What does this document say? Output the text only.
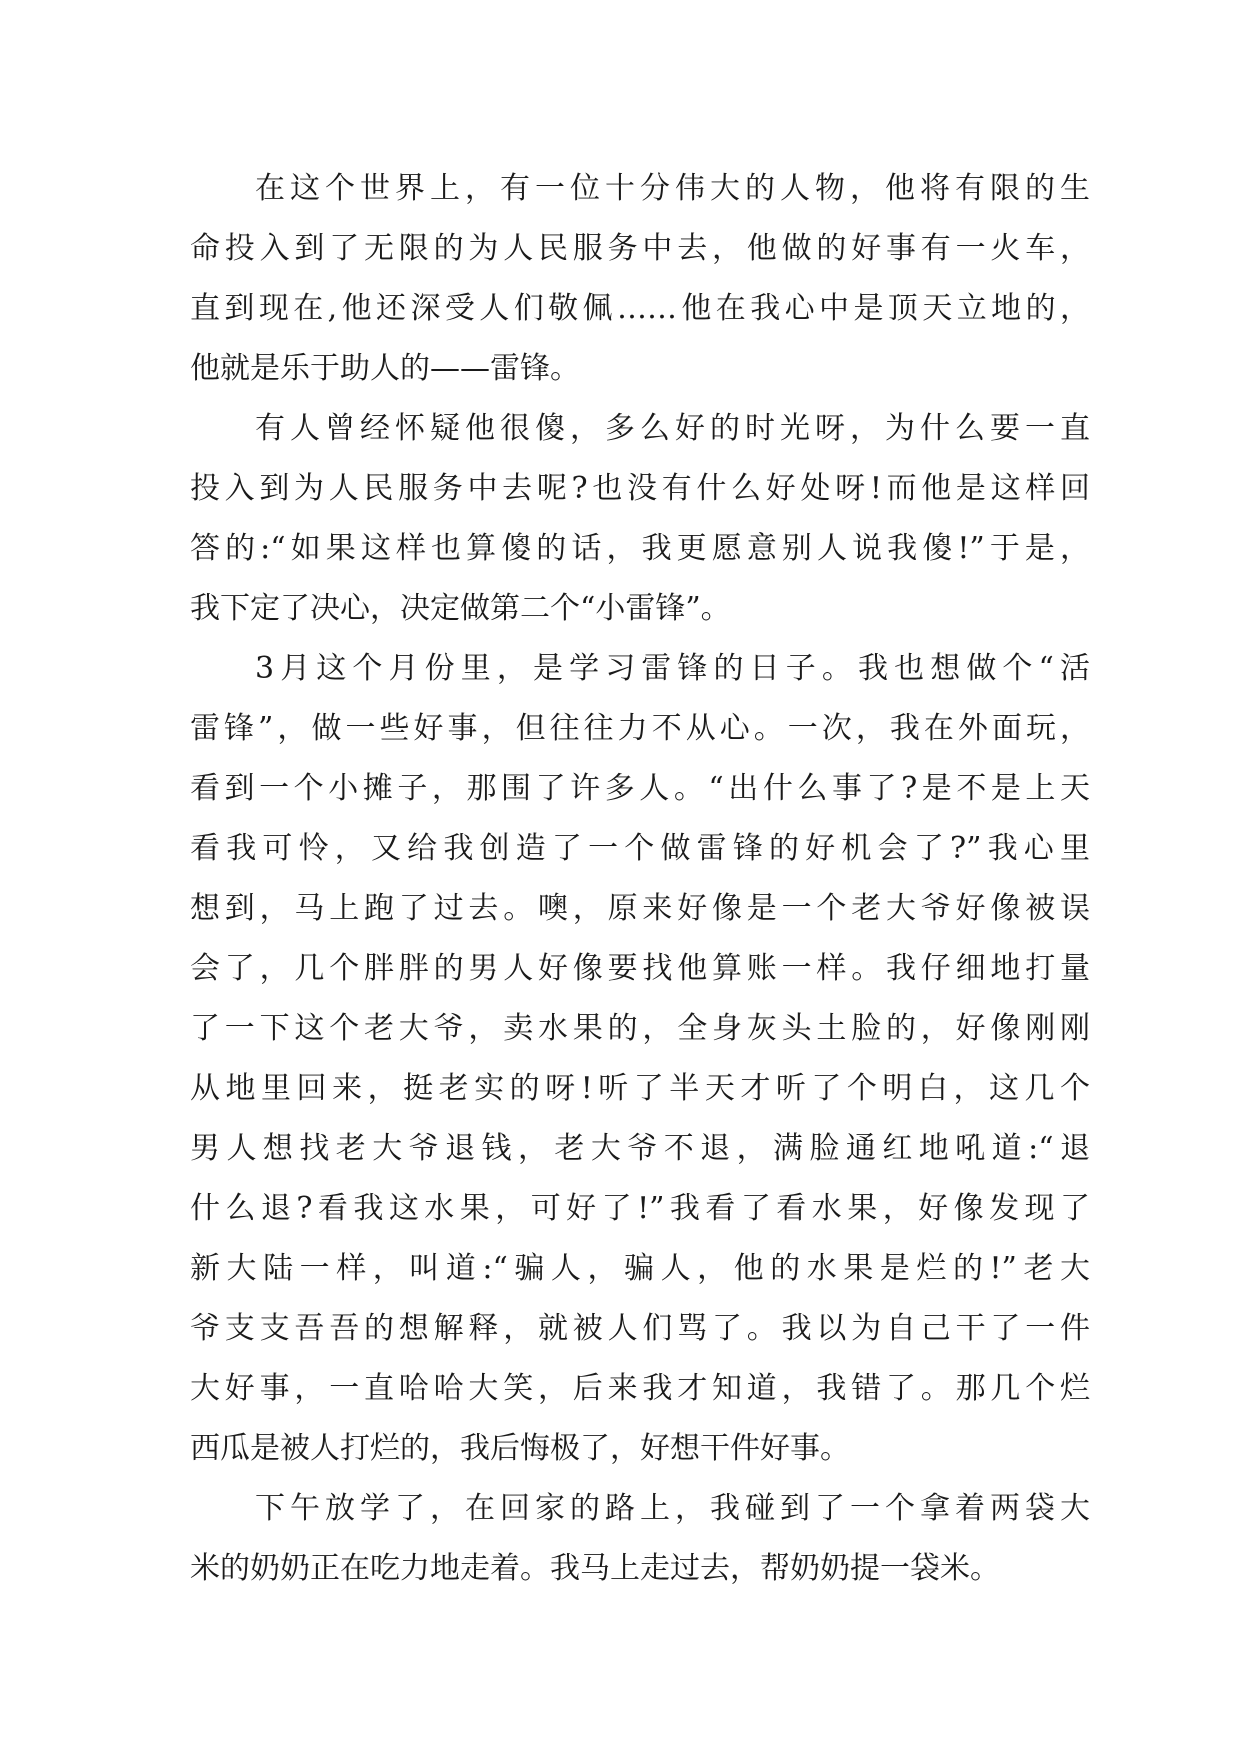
在这个世界上，有一位十分伟大的人物，他将有限的生
命投入到了无限的为人民服务中去，他做的好事有一火车，
直到现在,他还深受人们敬佩……他在我心中是顶天立地的，
他就是乐于助人的——雷锋。
有人曾经怀疑他很傻，多么好的时光呀，为什么要一直
投入到为人民服务中去呢?也没有什么好处呀!而他是这样回
答的:“如果这样也算傻的话，我更愿意别人说我傻!”于是，
我下定了决心，决定做第二个“小雷锋”。
3月这个月份里，是学习雷锋的日子。我也想做个“活
雷锋”，做一些好事，但往往力不从心。一次，我在外面玩，
看到一个小摊子，那围了许多人。“出什么事了?是不是上天
看我可怜，又给我创造了一个做雷锋的好机会了?”我心里
想到，马上跑了过去。噢，原来好像是一个老大爷好像被误
会了，几个胖胖的男人好像要找他算账一样。我仔细地打量
了一下这个老大爷，卖水果的，全身灰头土脸的，好像刚刚
从地里回来，挺老实的呀!听了半天才听了个明白，这几个
男人想找老大爷退钱，老大爷不退，满脸通红地吼道:“退
什么退?看我这水果，可好了!”我看了看水果，好像发现了
新大陆一样，叫道:“骗人，骗人，他的水果是烂的!”老大
爷支支吾吾的想解释，就被人们骂了。我以为自己干了一件
大好事，一直哈哈大笑，后来我才知道，我错了。那几个烂
西瓜是被人打烂的，我后悔极了，好想干件好事。
下午放学了，在回家的路上，我碰到了一个拿着两袋大
米的奶奶正在吃力地走着。我马上走过去，帮奶奶提一袋米。
